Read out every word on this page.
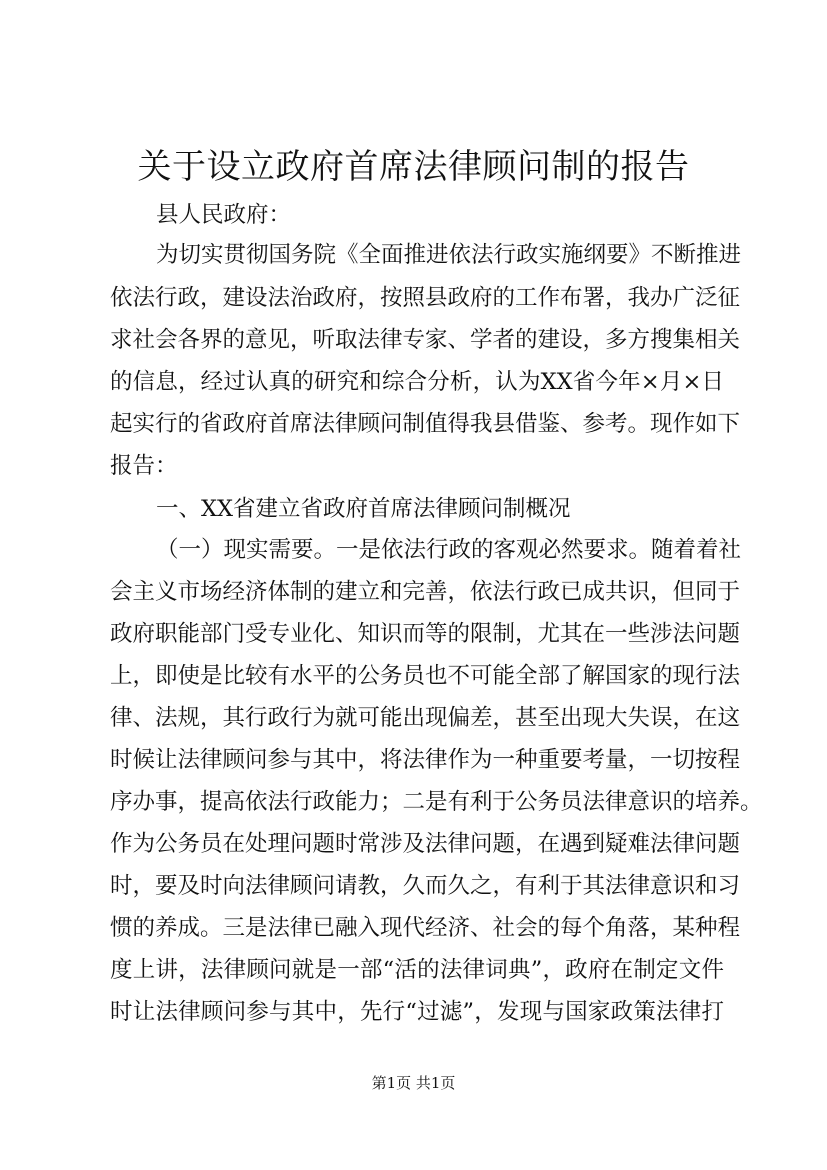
关于设立政府首席法律顾问制的报告
县人民政府：
为切实贯彻国务院《全面推进依法行政实施纲要》不断推进
依法行政，建设法治政府，按照县政府的工作布署，我办广泛征
求社会各界的意见，听取法律专家、学者的建设，多方搜集相关
的信息，经过认真的研究和综合分析，认为XX省今年×月×日
起实行的省政府首席法律顾问制值得我县借鉴、参考。现作如下
报告：
一、XX省建立省政府首席法律顾问制概况
（一）现实需要。一是依法行政的客观必然要求。随着着社
会主义市场经济体制的建立和完善，依法行政已成共识，但同于
政府职能部门受专业化、知识而等的限制，尤其在一些涉法问题
上，即使是比较有水平的公务员也不可能全部了解国家的现行法
律、法规，其行政行为就可能出现偏差，甚至出现大失误，在这
时候让法律顾问参与其中，将法律作为一种重要考量，一切按程
序办事，提高依法行政能力；二是有利于公务员法律意识的培养。
作为公务员在处理问题时常涉及法律问题，在遇到疑难法律问题
时，要及时向法律顾问请教，久而久之，有利于其法律意识和习
惯的养成。三是法律已融入现代经济、社会的每个角落，某种程
度上讲，法律顾问就是一部“活的法律词典”，政府在制定文件
时让法律顾问参与其中，先行“过滤”，发现与国家政策法律打
第1页 共1页
